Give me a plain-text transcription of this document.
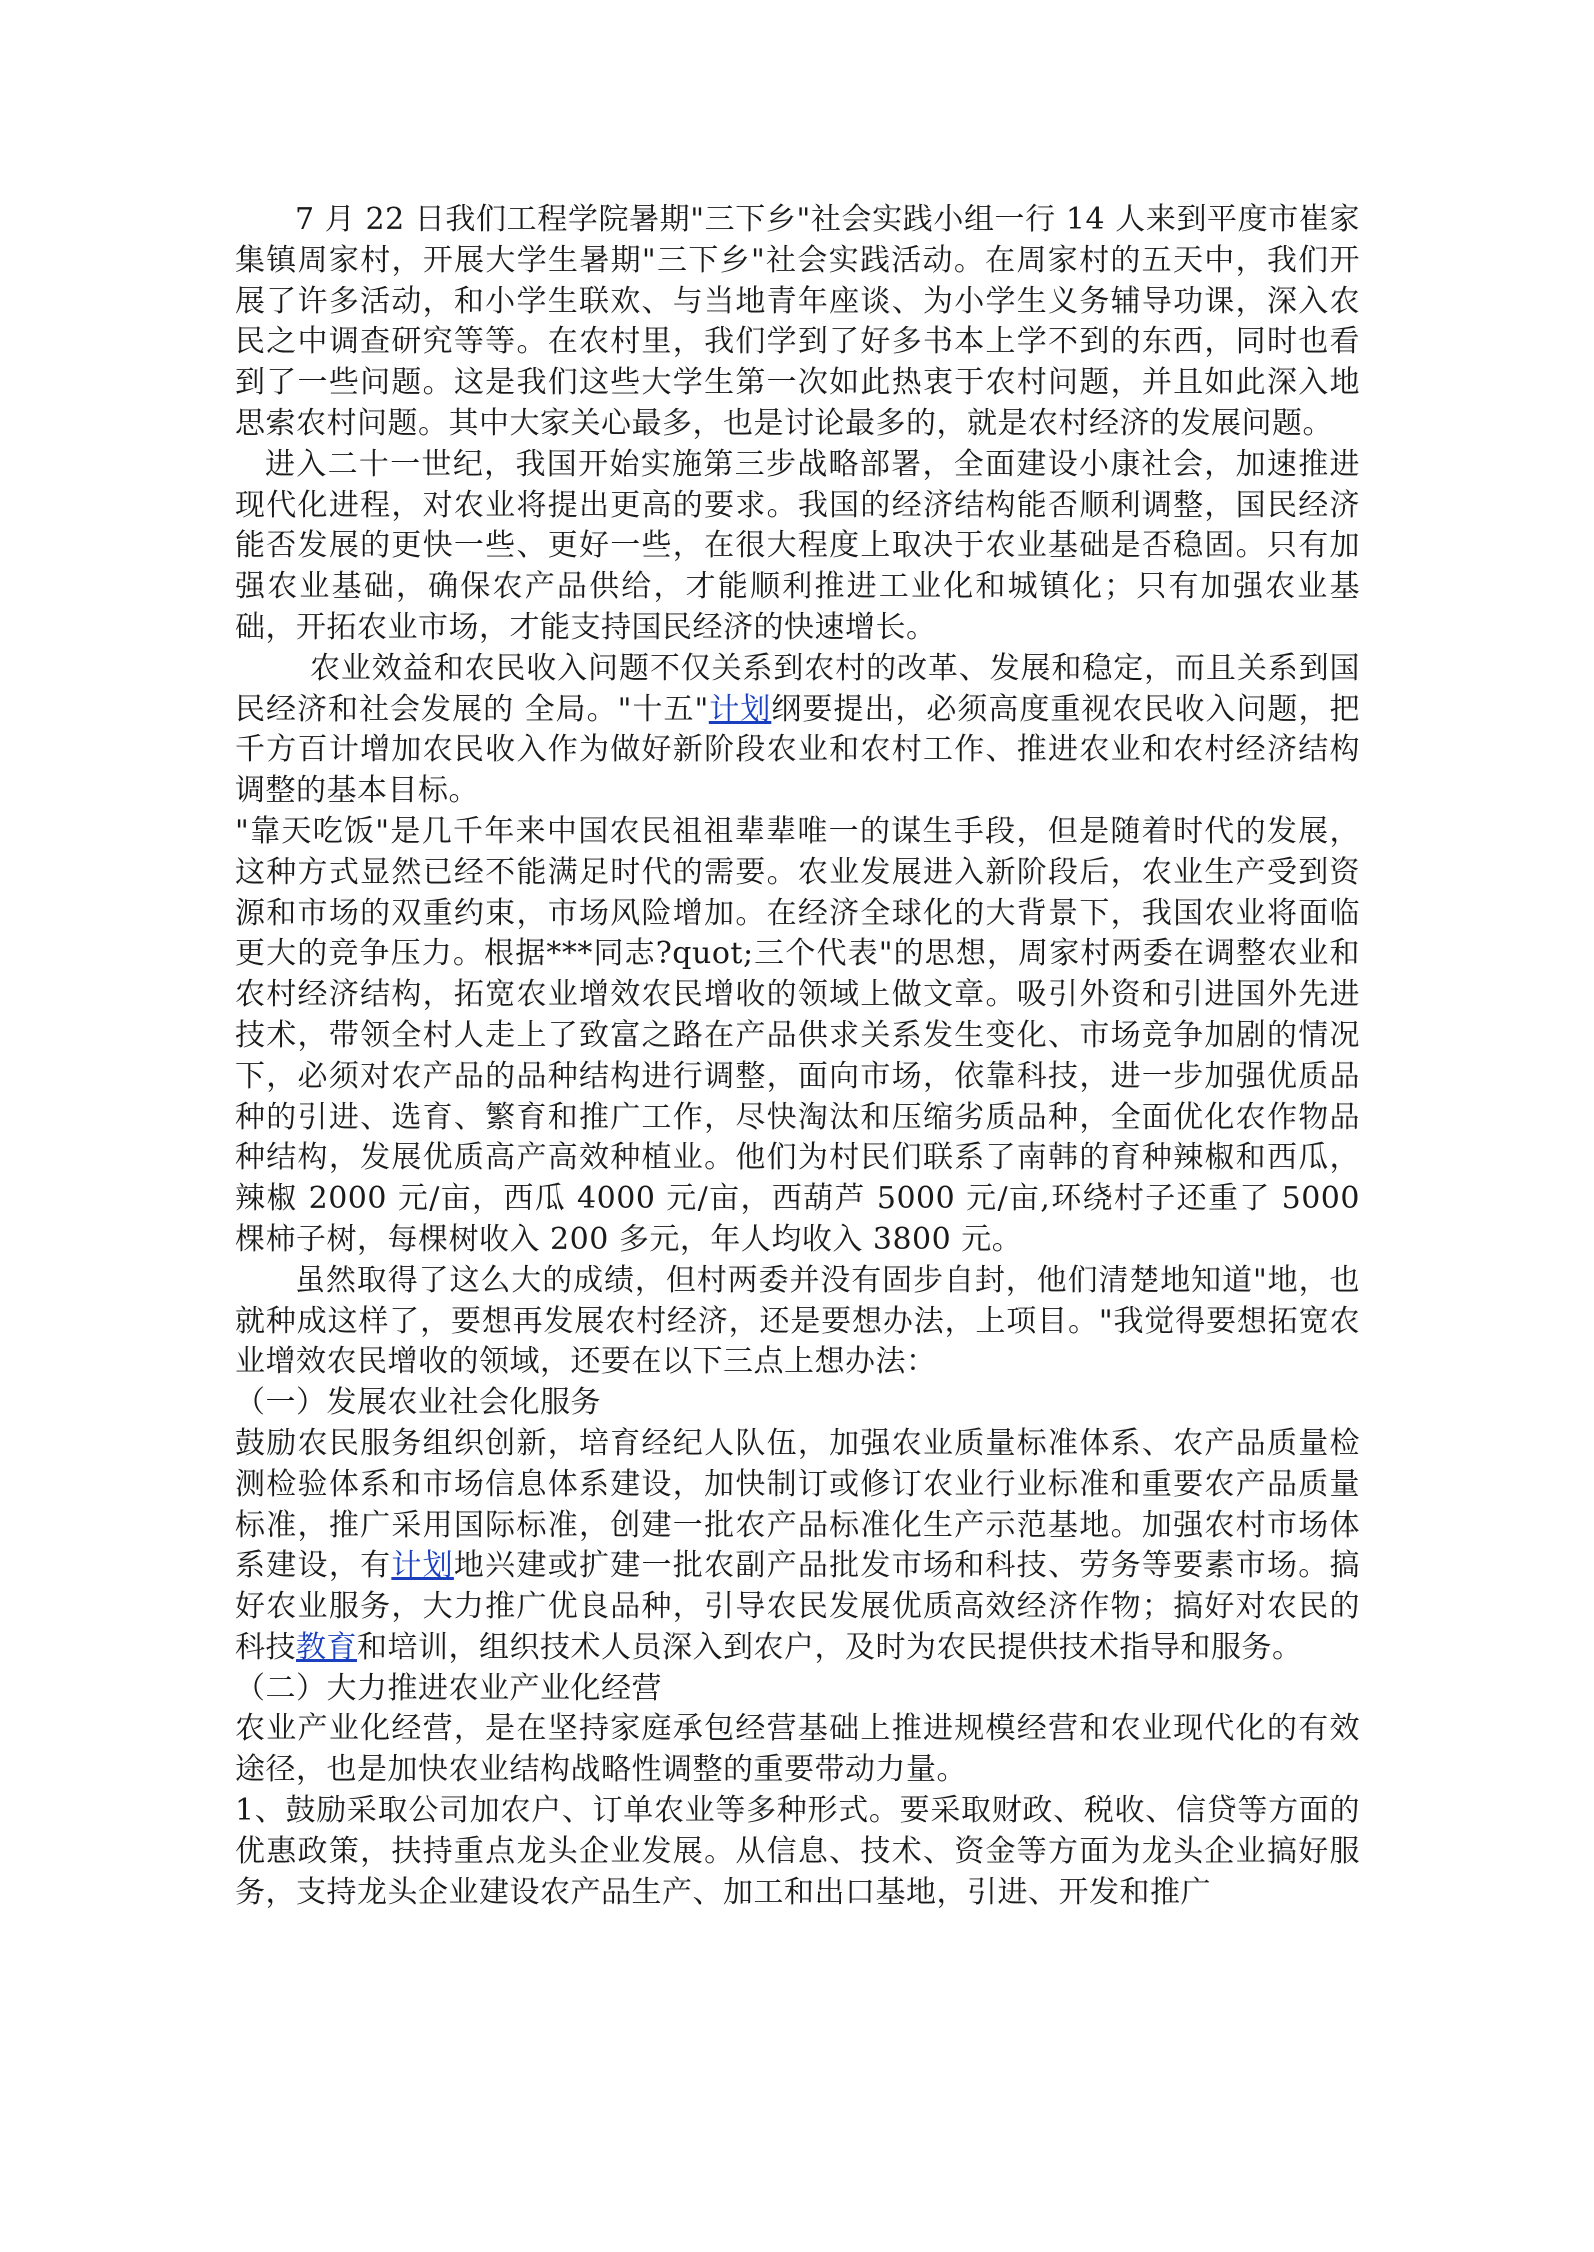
7 月 22 日我们工程学院暑期"三下乡"社会实践小组一行 14 人来到平度市崔家集镇周家村，开展大学生暑期"三下乡"社会实践活动。在周家村的五天中，我们开展了许多活动，和小学生联欢、与当地青年座谈、为小学生义务辅导功课，深入农民之中调查研究等等。在农村里，我们学到了好多书本上学不到的东西，同时也看到了一些问题。这是我们这些大学生第一次如此热衷于农村问题，并且如此深入地思索农村问题。其中大家关心最多，也是讨论最多的，就是农村经济的发展问题。

进入二十一世纪，我国开始实施第三步战略部署，全面建设小康社会，加速推进现代化进程，对农业将提出更高的要求。我国的经济结构能否顺利调整，国民经济能否发展的更快一些、更好一些，在很大程度上取决于农业基础是否稳固。只有加强农业基础，确保农产品供给，才能顺利推进工业化和城镇化；只有加强农业基础，开拓农业市场，才能支持国民经济的快速增长。

农业效益和农民收入问题不仅关系到农村的改革、发展和稳定，而且关系到国民经济和社会发展的 全局。"十五"计划纲要提出，必须高度重视农民收入问题，把千方百计增加农民收入作为做好新阶段农业和农村工作、推进农业和农村经济结构调整的基本目标。

"靠天吃饭"是几千年来中国农民祖祖辈辈唯一的谋生手段，但是随着时代的发展，这种方式显然已经不能满足时代的需要。农业发展进入新阶段后，农业生产受到资源和市场的双重约束，市场风险增加。在经济全球化的大背景下，我国农业将面临更大的竞争压力。根据***同志?quot;三个代表"的思想，周家村两委在调整农业和农村经济结构，拓宽农业增效农民增收的领域上做文章。吸引外资和引进国外先进技术，带领全村人走上了致富之路在产品供求关系发生变化、市场竞争加剧的情况下，必须对农产品的品种结构进行调整，面向市场，依靠科技，进一步加强优质品种的引进、选育、繁育和推广工作，尽快淘汰和压缩劣质品种，全面优化农作物品种结构，发展优质高产高效种植业。他们为村民们联系了南韩的育种辣椒和西瓜，辣椒 2000 元/亩，西瓜 4000 元/亩，西葫芦 5000 元/亩,环绕村子还重了 5000 棵柿子树，每棵树收入 200 多元，年人均收入 3800 元。

虽然取得了这么大的成绩，但村两委并没有固步自封，他们清楚地知道"地，也就种成这样了，要想再发展农村经济，还是要想办法，上项目。"我觉得要想拓宽农业增效农民增收的领域，还要在以下三点上想办法：

（一）发展农业社会化服务

鼓励农民服务组织创新，培育经纪人队伍，加强农业质量标准体系、农产品质量检测检验体系和市场信息体系建设，加快制订或修订农业行业标准和重要农产品质量标准，推广采用国际标准，创建一批农产品标准化生产示范基地。加强农村市场体系建设，有计划地兴建或扩建一批农副产品批发市场和科技、劳务等要素市场。搞好农业服务，大力推广优良品种，引导农民发展优质高效经济作物；搞好对农民的科技教育和培训，组织技术人员深入到农户，及时为农民提供技术指导和服务。

（二）大力推进农业产业化经营

农业产业化经营，是在坚持家庭承包经营基础上推进规模经营和农业现代化的有效途径，也是加快农业结构战略性调整的重要带动力量。

1、鼓励采取公司加农户、订单农业等多种形式。要采取财政、税收、信贷等方面的优惠政策，扶持重点龙头企业发展。从信息、技术、资金等方面为龙头企业搞好服务，支持龙头企业建设农产品生产、加工和出口基地，引进、开发和推广
